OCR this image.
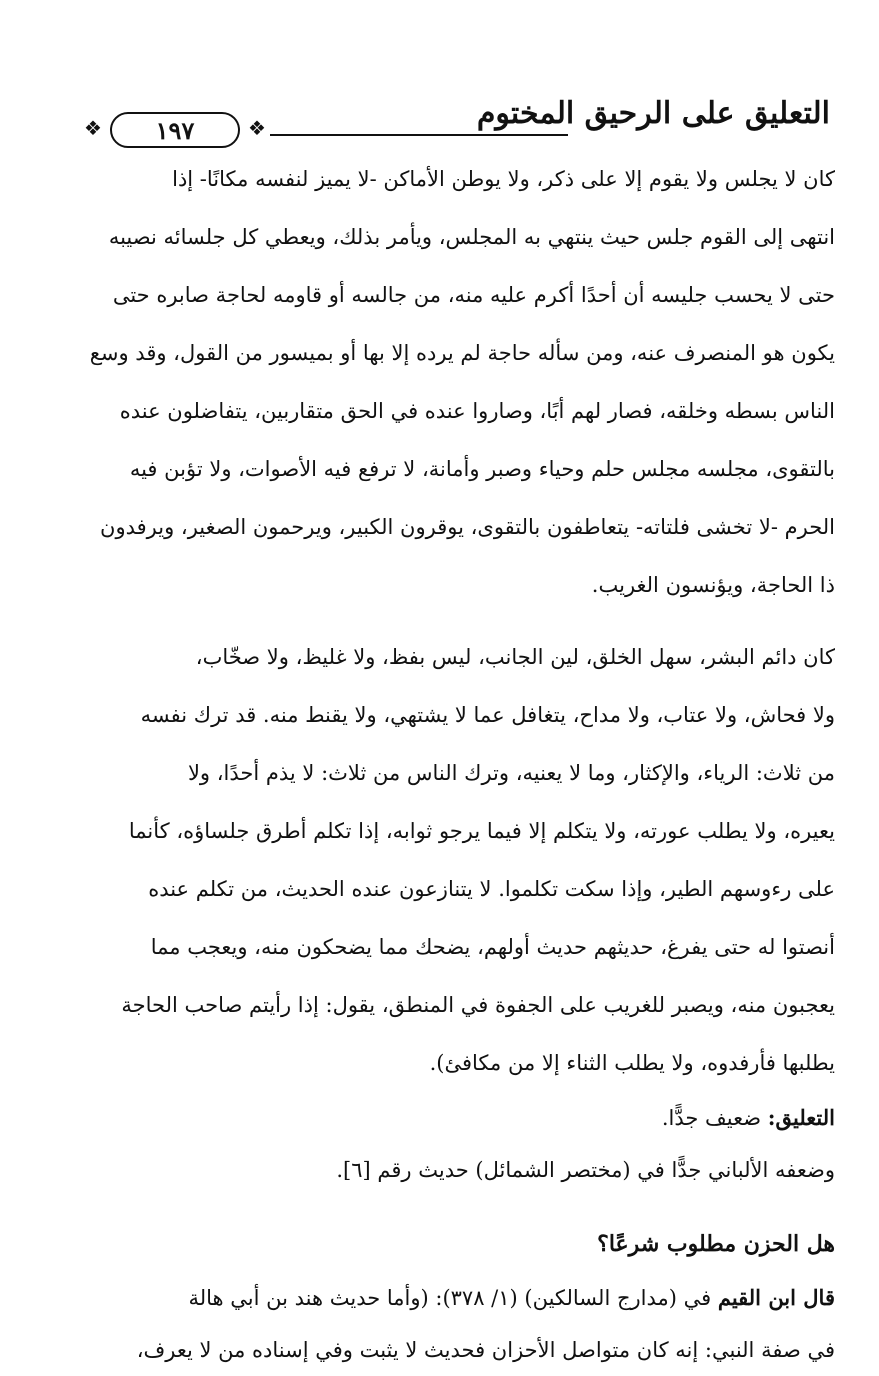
التعليق على الرحيق المختوم
❖
١٩٧
❖
كان لا يجلس ولا يقوم إلا على ذكر، ولا يوطن الأماكن -لا يميز لنفسه مكانًا- إذا
انتهى إلى القوم جلس حيث ينتهي به المجلس، ويأمر بذلك، ويعطي كل جلسائه نصيبه
حتى لا يحسب جليسه أن أحدًا أكرم عليه منه، من جالسه أو قاومه لحاجة صابره حتى
يكون هو المنصرف عنه، ومن سأله حاجة لم يرده إلا بها أو بميسور من القول، وقد وسع
الناس بسطه وخلقه، فصار لهم أبًا، وصاروا عنده في الحق متقاربين، يتفاضلون عنده
بالتقوى، مجلسه مجلس حلم وحياء وصبر وأمانة، لا ترفع فيه الأصوات، ولا تؤبن فيه
الحرم -لا تخشى فلتاته- يتعاطفون بالتقوى، يوقرون الكبير، ويرحمون الصغير، ويرفدون
ذا الحاجة، ويؤنسون الغريب.
كان دائم البشر، سهل الخلق، لين الجانب، ليس بفظ، ولا غليظ، ولا صخّاب،
ولا فحاش، ولا عتاب، ولا مداح، يتغافل عما لا يشتهي، ولا يقنط منه. قد ترك نفسه
من ثلاث: الرياء، والإكثار، وما لا يعنيه، وترك الناس من ثلاث: لا يذم أحدًا، ولا
يعيره، ولا يطلب عورته، ولا يتكلم إلا فيما يرجو ثوابه، إذا تكلم أطرق جلساؤه، كأنما
على رءوسهم الطير، وإذا سكت تكلموا. لا يتنازعون عنده الحديث، من تكلم عنده
أنصتوا له حتى يفرغ، حديثهم حديث أولهم، يضحك مما يضحكون منه، ويعجب مما
يعجبون منه، ويصبر للغريب على الجفوة في المنطق، يقول: إذا رأيتم صاحب الحاجة
يطلبها فأرفدوه، ولا يطلب الثناء إلا من مكافئ).
التعليق: ضعيف جدًّا.
وضعفه الألباني جدًّا في (مختصر الشمائل) حديث رقم [٦].
هل الحزن مطلوب شرعًا؟
قال ابن القيم في (مدارج السالكين) (١/ ٣٧٨): (وأما حديث هند بن أبي هالة
في صفة النبي: إنه كان متواصل الأحزان فحديث لا يثبت وفي إسناده من لا يعرف،
